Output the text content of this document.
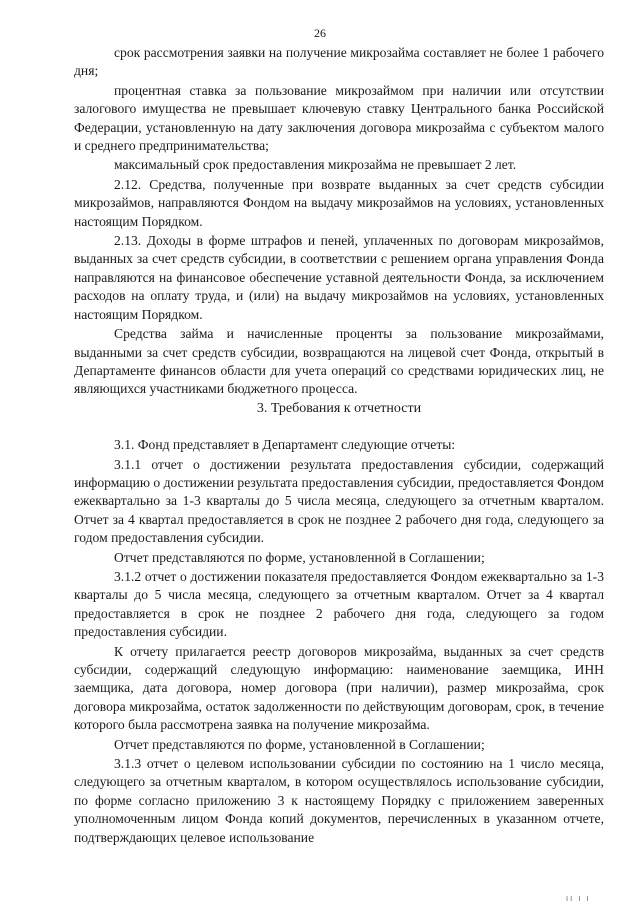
26

срок рассмотрения заявки на получение микрозайма составляет не более 1 рабочего дня;

процентная ставка за пользование микрозаймом при наличии или отсутствии залогового имущества не превышает ключевую ставку Центрального банка Российской Федерации, установленную на дату заключения договора микрозайма с субъектом малого и среднего предпринимательства;

максимальный срок предоставления микрозайма не превышает 2 лет.

2.12. Средства, полученные при возврате выданных за счет средств субсидии микрозаймов, направляются Фондом на выдачу микрозаймов на условиях, установленных настоящим Порядком.

2.13. Доходы в форме штрафов и пеней, уплаченных по договорам микрозаймов, выданных за счет средств субсидии, в соответствии с решением органа управления Фонда направляются на финансовое обеспечение уставной деятельности Фонда, за исключением расходов на оплату труда, и (или) на выдачу микрозаймов на условиях, установленных настоящим Порядком.

Средства займа и начисленные проценты за пользование микрозаймами, выданными за счет средств субсидии, возвращаются на лицевой счет Фонда, открытый в Департаменте финансов области для учета операций со средствами юридических лиц, не являющихся участниками бюджетного процесса.

3. Требования к отчетности

3.1. Фонд представляет в Департамент следующие отчеты:

3.1.1 отчет о достижении результата предоставления субсидии, содержащий информацию о достижении результата предоставления субсидии, предоставляется Фондом ежеквартально за 1-3 кварталы до 5 числа месяца, следующего за отчетным кварталом. Отчет за 4 квартал предоставляется в срок не позднее 2 рабочего дня года, следующего за годом предоставления субсидии.

Отчет представляются по форме, установленной в Соглашении;

3.1.2 отчет о достижении показателя предоставляется Фондом ежеквартально за 1-3 кварталы до 5 числа месяца, следующего за отчетным кварталом. Отчет за 4 квартал предоставляется в срок не позднее 2 рабочего дня года, следующего за годом предоставления субсидии.

К отчету прилагается реестр договоров микрозайма, выданных за счет средств субсидии, содержащий следующую информацию: наименование заемщика, ИНН заемщика, дата договора, номер договора (при наличии), размер микрозайма, срок договора микрозайма, остаток задолженности по действующим договорам, срок, в течение которого была рассмотрена заявка на получение микрозайма.

Отчет представляются по форме, установленной в Соглашении;

3.1.3 отчет о целевом использовании субсидии по состоянию на 1 число месяца, следующего за отчетным кварталом, в котором осуществлялось использование субсидии, по форме согласно приложению 3 к настоящему Порядку с приложением заверенных уполномоченным лицом Фонда копий документов, перечисленных в указанном отчете, подтверждающих целевое использование

II I I
